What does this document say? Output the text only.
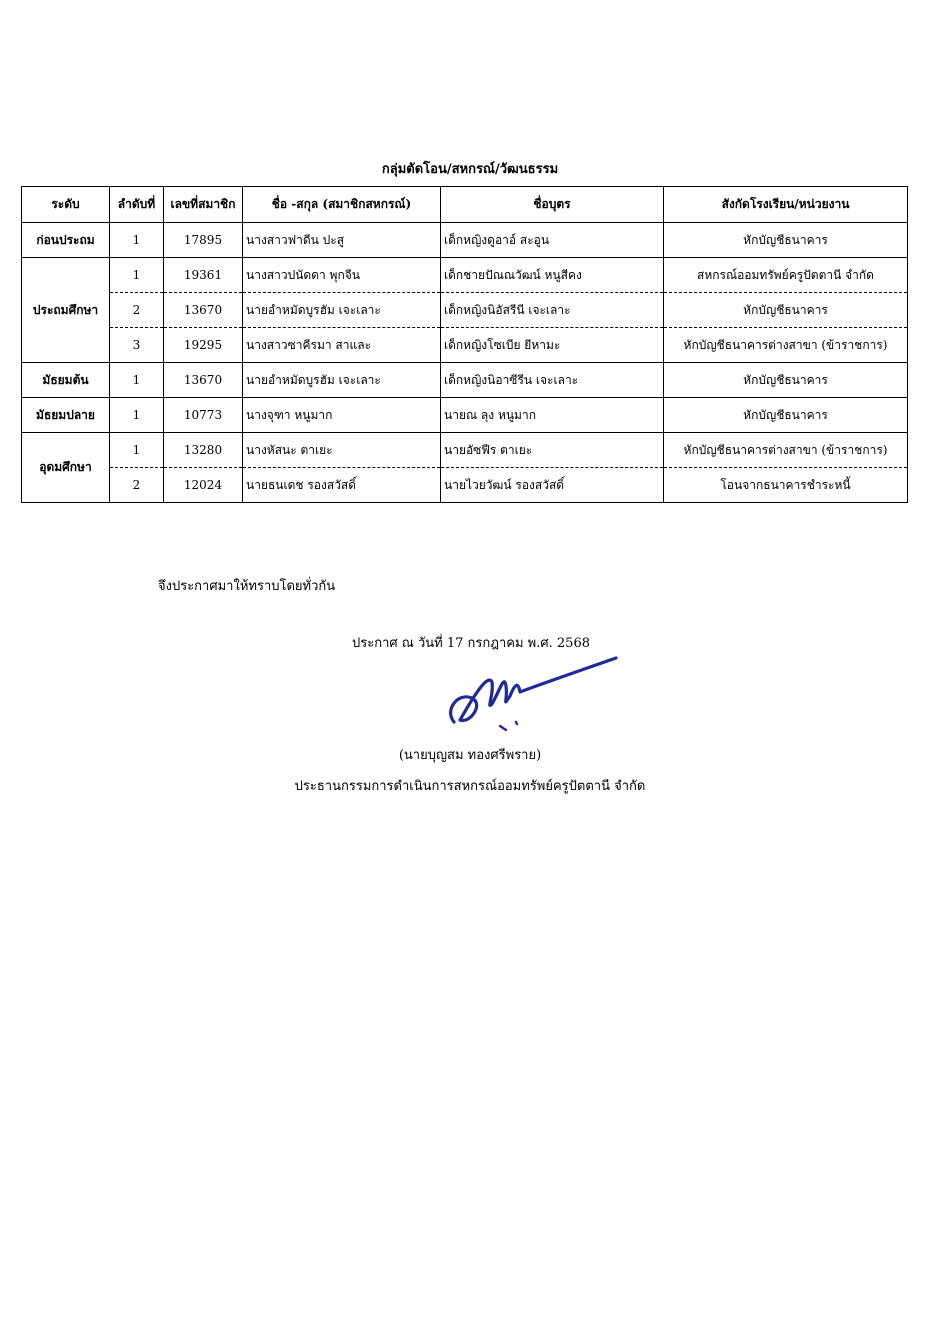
กลุ่มตัดโอน/สหกรณ์/วัฒนธรรม
ระดับ	ลำดับที่	เลขที่สมาชิก	ชื่อ -สกุล (สมาชิกสหกรณ์)	ชื่อบุตร	สังกัดโรงเรียน/หน่วยงาน
ก่อนประถม	1	17895	นางสาวฟาดีน ปะสู	เด็กหญิงดูอาอ์ สะอูน	หักบัญชีธนาคาร
ประถมศึกษา	1	19361	นางสาวปนัดดา พุกจีน	เด็กชายปัณณวัฒน์ หนูสีคง	สหกรณ์ออมทรัพย์ครูปัตตานี จำกัด
	2	13670	นายอำหมัดบูรฮัม เจะเลาะ	เด็กหญิงนิอัสรีนี เจะเลาะ	หักบัญชีธนาคาร
	3	19295	นางสาวซาคีรมา สาและ	เด็กหญิงโซเบีย ยีหามะ	หักบัญชีธนาคารต่างสาขา (ข้าราชการ)
มัธยมต้น	1	13670	นายอำหมัดบูรฮัม เจะเลาะ	เด็กหญิงนิอาซีรีน เจะเลาะ	หักบัญชีธนาคาร
มัธยมปลาย	1	10773	นางจุฑา หนูมาก	นายณ ลุง หนูมาก	หักบัญชีธนาคาร
อุดมศึกษา	1	13280	นางหัสนะ ตาเยะ	นายอัซฟีร ตาเยะ	หักบัญชีธนาคารต่างสาขา (ข้าราชการ)
	2	12024	นายธนเดช รองสวัสดิ์	นายไวยวัฒน์ รองสวัสดิ์	โอนจากธนาคารชำระหนี้
จึงประกาศมาให้ทราบโดยทั่วกัน
ประกาศ ณ วันที่ 17 กรกฎาคม พ.ศ. 2568
(นายบุญสม ทองศรีพราย)
ประธานกรรมการดำเนินการสหกรณ์ออมทรัพย์ครูปัตตานี จำกัด
